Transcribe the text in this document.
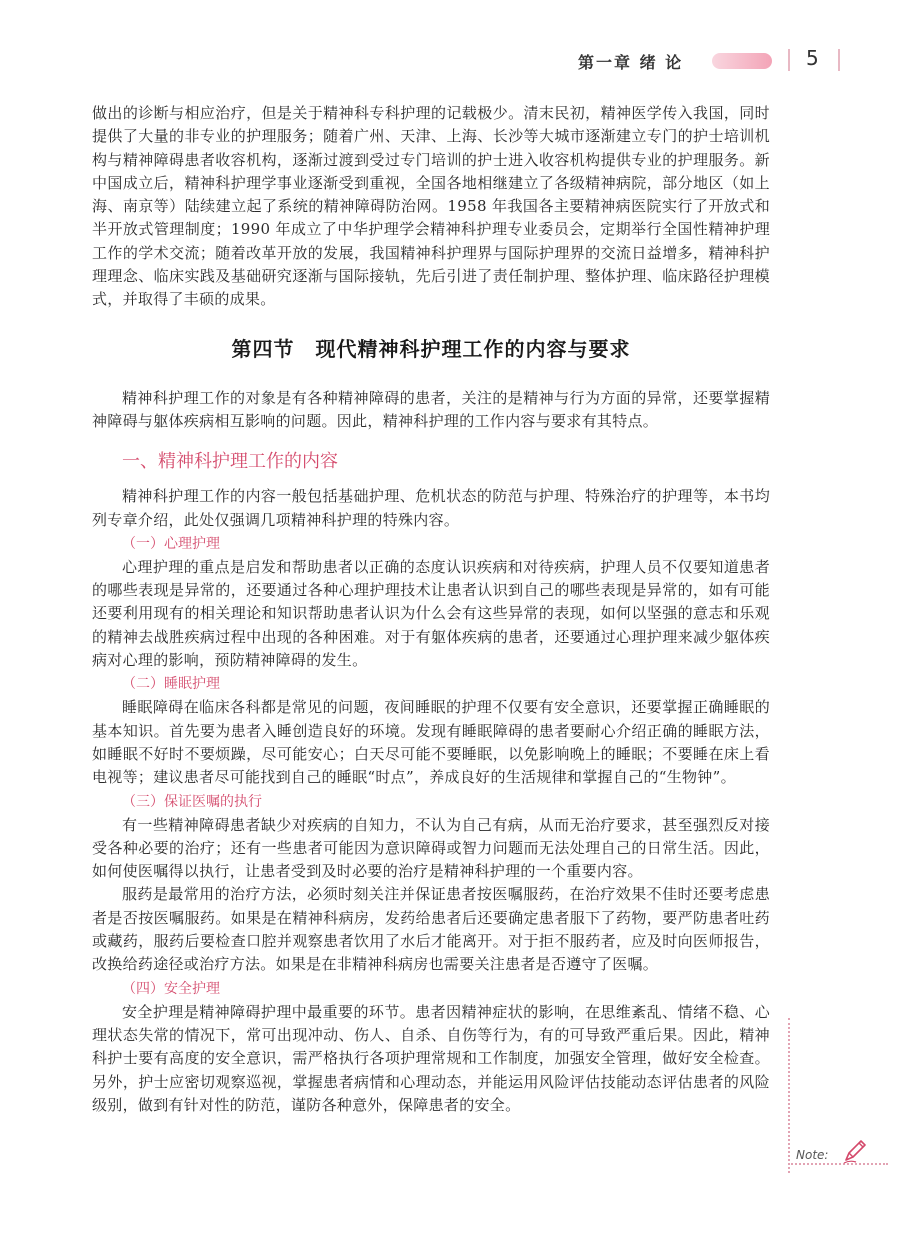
第一章 绪 论	5

做出的诊断与相应治疗，但是关于精神科专科护理的记载极少。清末民初，精神医学传入我国，同时提供了大量的非专业的护理服务；随着广州、天津、上海、长沙等大城市逐渐建立专门的护士培训机构与精神障碍患者收容机构，逐渐过渡到受过专门培训的护士进入收容机构提供专业的护理服务。新中国成立后，精神科护理学事业逐渐受到重视，全国各地相继建立了各级精神病院，部分地区（如上海、南京等）陆续建立起了系统的精神障碍防治网。1958 年我国各主要精神病医院实行了开放式和半开放式管理制度；1990 年成立了中华护理学会精神科护理专业委员会，定期举行全国性精神护理工作的学术交流；随着改革开放的发展，我国精神科护理界与国际护理界的交流日益增多，精神科护理理念、临床实践及基础研究逐渐与国际接轨，先后引进了责任制护理、整体护理、临床路径护理模式，并取得了丰硕的成果。

第四节　现代精神科护理工作的内容与要求

精神科护理工作的对象是有各种精神障碍的患者，关注的是精神与行为方面的异常，还要掌握精神障碍与躯体疾病相互影响的问题。因此，精神科护理的工作内容与要求有其特点。

一、精神科护理工作的内容

精神科护理工作的内容一般包括基础护理、危机状态的防范与护理、特殊治疗的护理等，本书均列专章介绍，此处仅强调几项精神科护理的特殊内容。

（一）心理护理

心理护理的重点是启发和帮助患者以正确的态度认识疾病和对待疾病，护理人员不仅要知道患者的哪些表现是异常的，还要通过各种心理护理技术让患者认识到自己的哪些表现是异常的，如有可能还要利用现有的相关理论和知识帮助患者认识为什么会有这些异常的表现，如何以坚强的意志和乐观的精神去战胜疾病过程中出现的各种困难。对于有躯体疾病的患者，还要通过心理护理来减少躯体疾病对心理的影响，预防精神障碍的发生。

（二）睡眠护理

睡眠障碍在临床各科都是常见的问题，夜间睡眠的护理不仅要有安全意识，还要掌握正确睡眠的基本知识。首先要为患者入睡创造良好的环境。发现有睡眠障碍的患者要耐心介绍正确的睡眠方法，如睡眠不好时不要烦躁，尽可能安心；白天尽可能不要睡眠，以免影响晚上的睡眠；不要睡在床上看电视等；建议患者尽可能找到自己的睡眠“时点”，养成良好的生活规律和掌握自己的“生物钟”。

（三）保证医嘱的执行

有一些精神障碍患者缺少对疾病的自知力，不认为自己有病，从而无治疗要求，甚至强烈反对接受各种必要的治疗；还有一些患者可能因为意识障碍或智力问题而无法处理自己的日常生活。因此，如何使医嘱得以执行，让患者受到及时必要的治疗是精神科护理的一个重要内容。

服药是最常用的治疗方法，必须时刻关注并保证患者按医嘱服药，在治疗效果不佳时还要考虑患者是否按医嘱服药。如果是在精神科病房，发药给患者后还要确定患者服下了药物，要严防患者吐药或藏药，服药后要检查口腔并观察患者饮用了水后才能离开。对于拒不服药者，应及时向医师报告，改换给药途径或治疗方法。如果是在非精神科病房也需要关注患者是否遵守了医嘱。

（四）安全护理

安全护理是精神障碍护理中最重要的环节。患者因精神症状的影响，在思维紊乱、情绪不稳、心理状态失常的情况下，常可出现冲动、伤人、自杀、自伤等行为，有的可导致严重后果。因此，精神科护士要有高度的安全意识，需严格执行各项护理常规和工作制度，加强安全管理，做好安全检查。另外，护士应密切观察巡视，掌握患者病情和心理动态，并能运用风险评估技能动态评估患者的风险级别，做到有针对性的防范，谨防各种意外，保障患者的安全。

Note:
